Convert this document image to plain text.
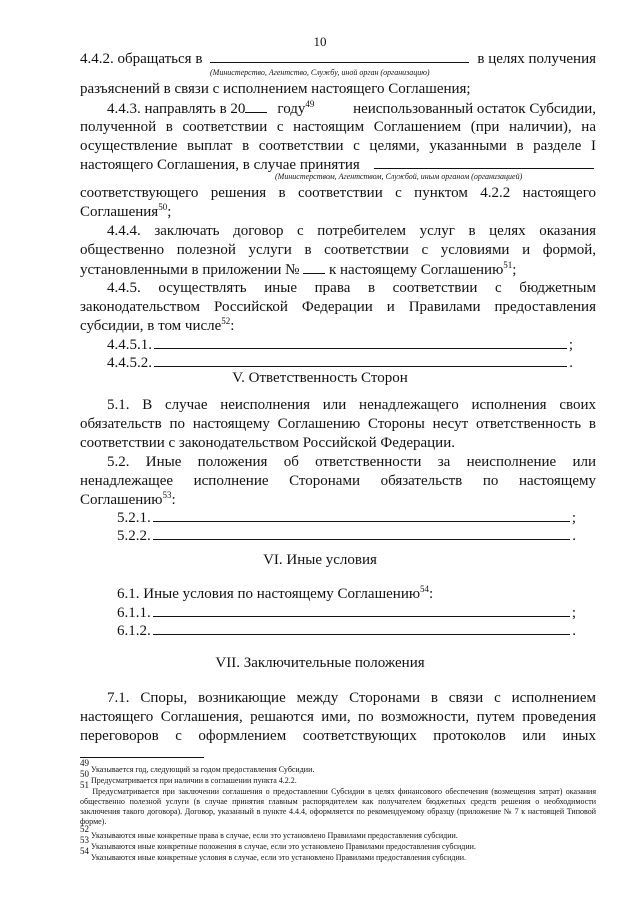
10
4.4.2. обращаться в	в целях получения
(Министерство, Агентство, Службу, иной орган (организацию)
разъяснений в связи с исполнением настоящего Соглашения;
4.4.3. направлять в 20 году$^{49}$	неиспользованный остаток Субсидии,
полученной в соответствии с настоящим Соглашением (при наличии), на
осуществление выплат в соответствии с целями, указанными в разделе I
настоящего Соглашения, в случае принятия
(Министерством, Агентством, Службой, иным органом (организацией)
соответствующего решения в соответствии с пунктом 4.2.2 настоящего
Соглашения$^{50}$;
4.4.4. заключать договор с потребителем услуг в целях оказания
общественно полезной услуги в соответствии с условиями и формой,
установленными в приложении № к настоящему Соглашению$^{51}$;
4.4.5. осуществлять иные права в соответствии с бюджетным
законодательством Российской Федерации и Правилами предоставления
субсидии, в том числе$^{52}$:
4.4.5.1.	;
4.4.5.2.	.
V. Ответственность Сторон
5.1. В случае неисполнения или ненадлежащего исполнения своих
обязательств по настоящему Соглашению Стороны несут ответственность в
соответствии с законодательством Российской Федерации.
5.2. Иные положения об ответственности за неисполнение или
ненадлежащее исполнение Сторонами обязательств по настоящему
Соглашению$^{53}$:
5.2.1.	;
5.2.2.	.
VI. Иные условия
6.1. Иные условия по настоящему Соглашению$^{54}$:
6.1.1.	;
6.1.2.	.
VII. Заключительные положения
7.1. Споры, возникающие между Сторонами в связи с исполнением
настоящего Соглашения, решаются ими, по возможности, путем проведения
переговоров с оформлением соответствующих протоколов или иных
$^{49}$ Указывается год, следующий за годом предоставления Субсидии.
$^{50}$ Предусматривается при наличии в соглашении пункта 4.2.2.
$^{51}$ Предусматривается при заключении соглашения о предоставлении Субсидии в целях финансового обеспечения (возмещения затрат) оказания общественно полезной услуги (в случае принятия главным распорядителем как получателем бюджетных средств решения о необходимости заключения такого договора). Договор, указанный в пункте 4.4.4, оформляется по рекомендуемому образцу (приложение № 7 к настоящей Типовой форме).
$^{52}$ Указываются иные конкретные права в случае, если это установлено Правилами предоставления субсидии.
$^{53}$ Указываются иные конкретные положения в случае, если это установлено Правилами предоставления субсидии.
$^{54}$ Указываются иные конкретные условия в случае, если это установлено Правилами предоставления субсидии.
